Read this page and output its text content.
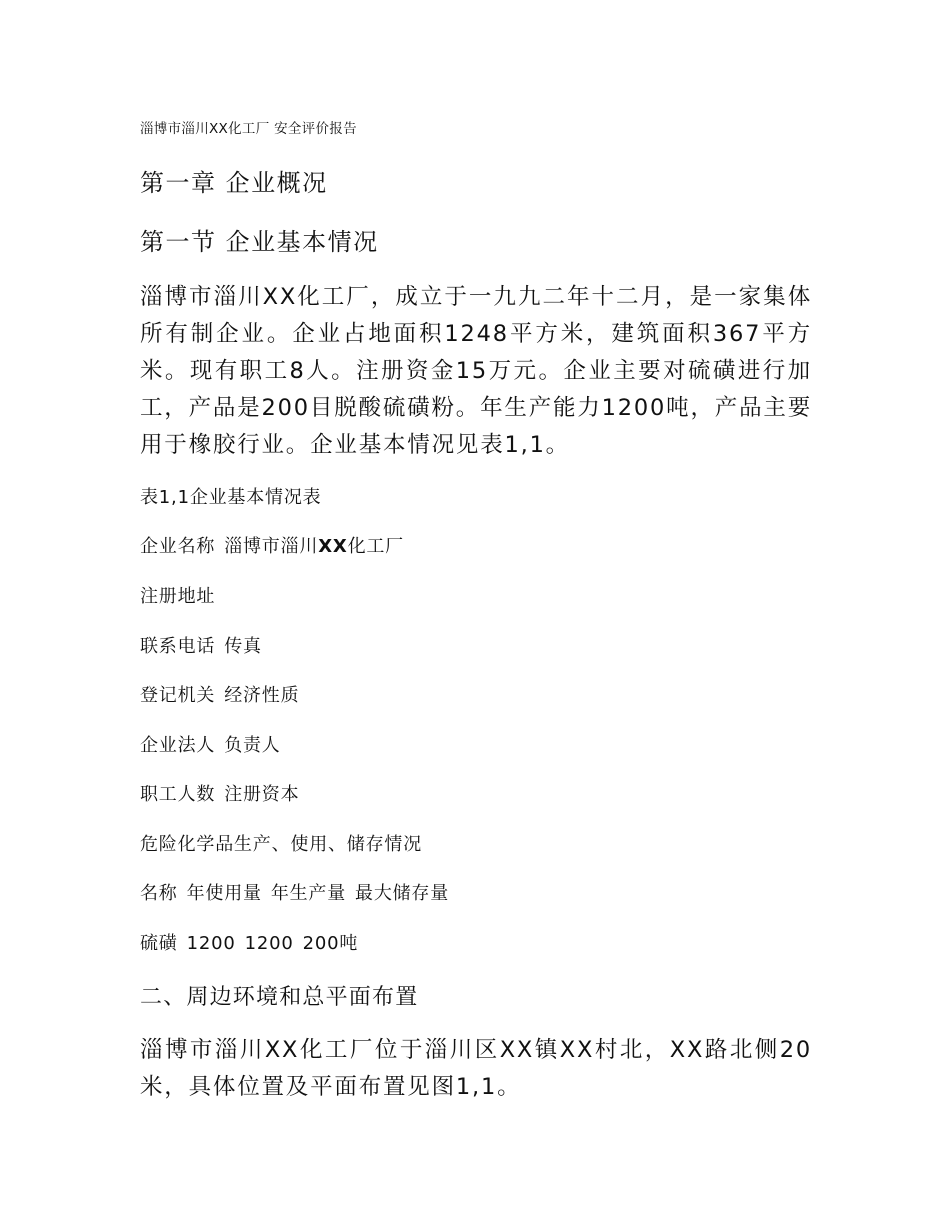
淄博市淄川XX化工厂 安全评价报告
第一章 企业概况
第一节 企业基本情况

淄博市淄川XX化工厂，成立于一九九二年十二月，是一家集体所有制企业。企业占地面积1248平方米，建筑面积367平方米。现有职工8人。注册资金15万元。企业主要对硫磺进行加工，产品是200目脱酸硫磺粉。年生产能力1200吨，产品主要用于橡胶行业。企业基本情况见表1,1。

表1,1企业基本情况表
企业名称 淄博市淄川XX化工厂
注册地址
联系电话 传真
登记机关 经济性质
企业法人 负责人
职工人数 注册资本
危险化学品生产、使用、储存情况
名称 年使用量 年生产量 最大储存量
硫磺 1200 1200 200吨
二、周边环境和总平面布置

淄博市淄川XX化工厂位于淄川区XX镇XX村北，XX路北侧20米，具体位置及平面布置见图1,1。
